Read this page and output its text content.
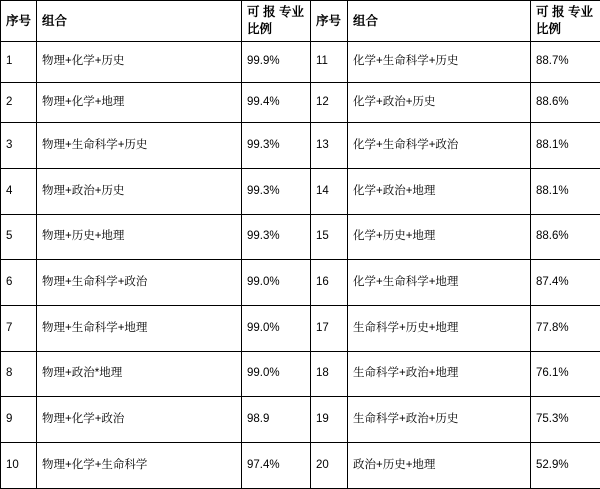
序号	组合	可 报 专业比例	序号	组合	可 报 专业比例
1	物理+化学+历史	99.9%	11	化学+生命科学+历史	88.7%
2	物理+化学+地理	99.4%	12	化学+政治+历史	88.6%
3	物理+生命科学+历史	99.3%	13	化学+生命科学+政治	88.1%
4	物理+政治+历史	99.3%	14	化学+政治+地理	88.1%
5	物理+历史+地理	99.3%	15	化学+历史+地理	88.6%
6	物理+生命科学+政治	99.0%	16	化学+生命科学+地理	87.4%
7	物理+生命科学+地理	99.0%	17	生命科学+历史+地理	77.8%
8	物理+政治*地理	99.0%	18	生命科学+政治+地理	76.1%
9	物理+化学+政治	98.9	19	生命科学+政治+历史	75.3%
10	物理+化学+生命科学	97.4%	20	政治+历史+地理	52.9%
